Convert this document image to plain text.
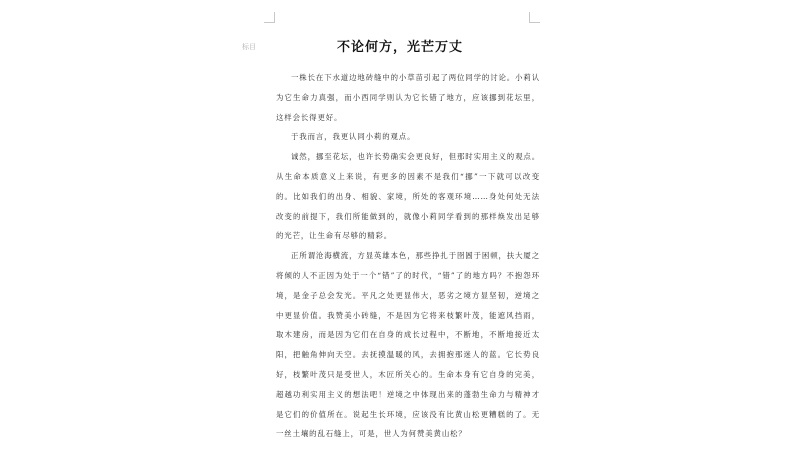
标目	不论何方，光芒万丈

一株长在下水道边地砖缝中的小草苗引起了两位同学的讨论。小莉认为它生命力真强，而小西同学则认为它长错了地方，应该挪到花坛里，这样会长得更好。

于我而言，我更认同小莉的观点。

诚然，挪至花坛，也许长势确实会更良好，但那时实用主义的观点。从生命本质意义上来说，有更多的因素不是我们“挪”一下就可以改变的。比如我们的出身、相貌、家境，所处的客观环境……身处何处无法改变的前提下，我们所能做到的，就像小莉同学看到的那样焕发出足够的光芒，让生命有尽够的精彩。

正所谓沧海横流，方显英雄本色，那些挣扎于囹圄于困顿，扶大厦之将倾的人不正因为处于一个“错”了的时代，“错”了的地方吗？不抱怨环境，是金子总会发光。平凡之处更显伟大，恶劣之境方显坚韧，逆境之中更显价值。我赞美小砖缝，不是因为它将来枝繁叶茂，能遮风挡雨，取木建房，而是因为它们在自身的成长过程中，不断地，不断地接近太阳，把触角伸向天空。去抚摸温暖的风，去拥抱那迷人的蓝。它长势良好，枝繁叶茂只是受世人，木匠所关心的。生命本身有它自身的完美，超越功利实用主义的想法吧！逆境之中体现出来的蓬勃生命力与精神才是它们的价值所在。说起生长环境，应该没有比黄山松更糟糕的了。无一丝土壤的乱石缝上，可是，世人为何赞美黄山松？
